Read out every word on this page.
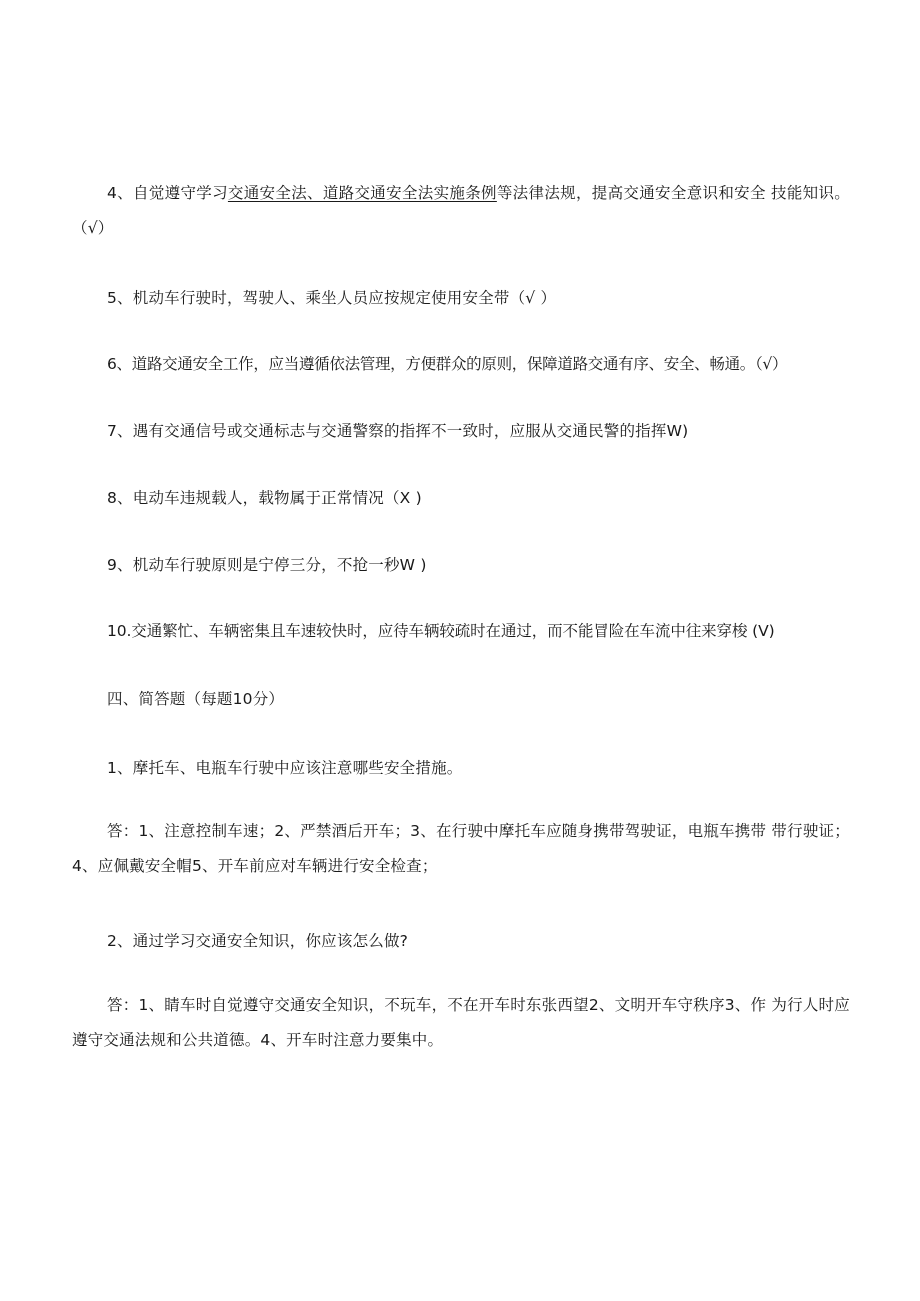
4、自觉遵守学习交通安全法、道路交通安全法实施条例等法律法规，提高交通安全意识和安全 技能知识。（√）

5、机动车行驶时，驾驶人、乘坐人员应按规定使用安全带（√ ）

6、道路交通安全工作，应当遵循依法管理，方便群众的原则，保障道路交通有序、安全、畅通。（√）

7、遇有交通信号或交通标志与交通警察的指挥不一致时，应服从交通民警的指挥W)

8、电动车违规载人，载物属于正常情况（X )

9、机动车行驶原则是宁停三分，不抢一秒W )

10.交通繁忙、车辆密集且车速较快时，应待车辆较疏时在通过，而不能冒险在车流中往来穿梭 (V)

四、简答题（每题10分）

1、摩托车、电瓶车行驶中应该注意哪些安全措施。

答：1、注意控制车速；2、严禁酒后开车；3、在行驶中摩托车应随身携带驾驶证，电瓶车携带 带行驶证；4、应佩戴安全帽5、开车前应对车辆进行安全检查；

2、通过学习交通安全知识，你应该怎么做?

答：1、睛车时自觉遵守交通安全知识，不玩车，不在开车时东张西望2、文明开车守秩序3、作 为行人时应遵守交通法规和公共道德。4、开车时注意力要集中。
